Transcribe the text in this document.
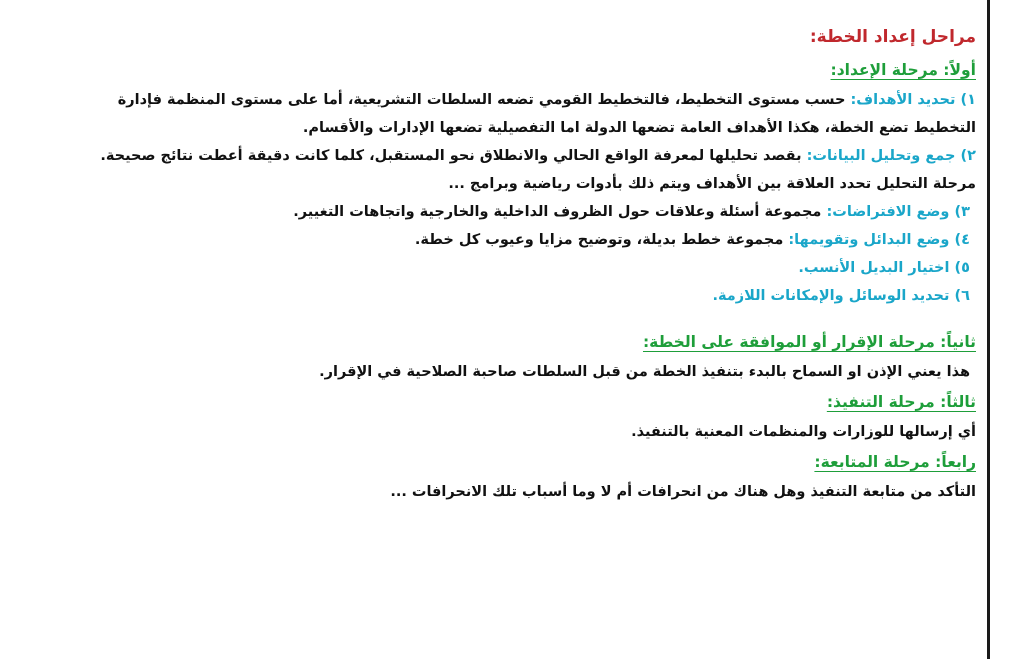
مراحل إعداد الخطة:
أولاً: مرحلة الإعداد:
١) تحديد الأهداف: حسب مستوى التخطيط، فالتخطيط القومي تضعه السلطات التشريعية، أما على مستوى المنظمة فإدارة
التخطيط تضع الخطة، هكذا الأهداف العامة تضعها الدولة اما التفصيلية تضعها الإدارات والأقسام.
٢) جمع وتحليل البيانات: بقصد تحليلها لمعرفة الواقع الحالي والانطلاق نحو المستقبل، كلما كانت دقيقة أعطت نتائج صحيحة.
مرحلة التحليل تحدد العلاقة بين الأهداف ويتم ذلك بأدوات رياضية وبرامج ...
٣) وضع الافتراضات: مجموعة أسئلة وعلاقات حول الظروف الداخلية والخارجية واتجاهات التغيير.
٤) وضع البدائل وتقويمها: مجموعة خطط بديلة، وتوضيح مزايا وعيوب كل خطة.
٥) اختيار البديل الأنسب.
٦) تحديد الوسائل والإمكانات اللازمة.
ثانياً: مرحلة الإقرار أو الموافقة على الخطة:
هذا يعني الإذن او السماح بالبدء بتنفيذ الخطة من قبل السلطات صاحبة الصلاحية في الإقرار.
ثالثاً: مرحلة التنفيذ:
أي إرسالها للوزارات والمنظمات المعنية بالتنفيذ.
رابعاً: مرحلة المتابعة:
التأكد من متابعة التنفيذ وهل هناك من انحرافات أم لا وما أسباب تلك الانحرافات ...
